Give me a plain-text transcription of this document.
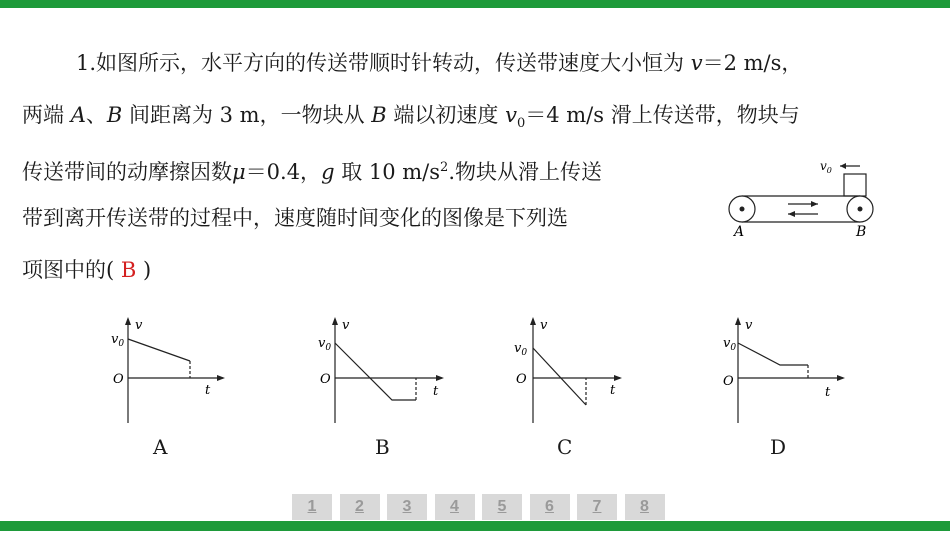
1.如图所示，水平方向的传送带顺时针转动，传送带速度大小恒为 v＝2 m/s，
两端 A、B 间距离为 3 m，一物块从 B 端以初速度 $v_0=4$ m/s 滑上传送带，物块与
传送带间的动摩擦因数μ＝0.4，g 取 10 $m/s^2$.物块从滑上传送
带到离开传送带的过程中，速度随时间变化的图像是下列选
项图中的( B )
$v_0$
A	B
v
$v_0$
O
t
v
$v_0$
O
t
v
$v_0$
O
t
v
$v_0$
O
t
A	B	C	D
1	2	3	4	5	6	7	8
